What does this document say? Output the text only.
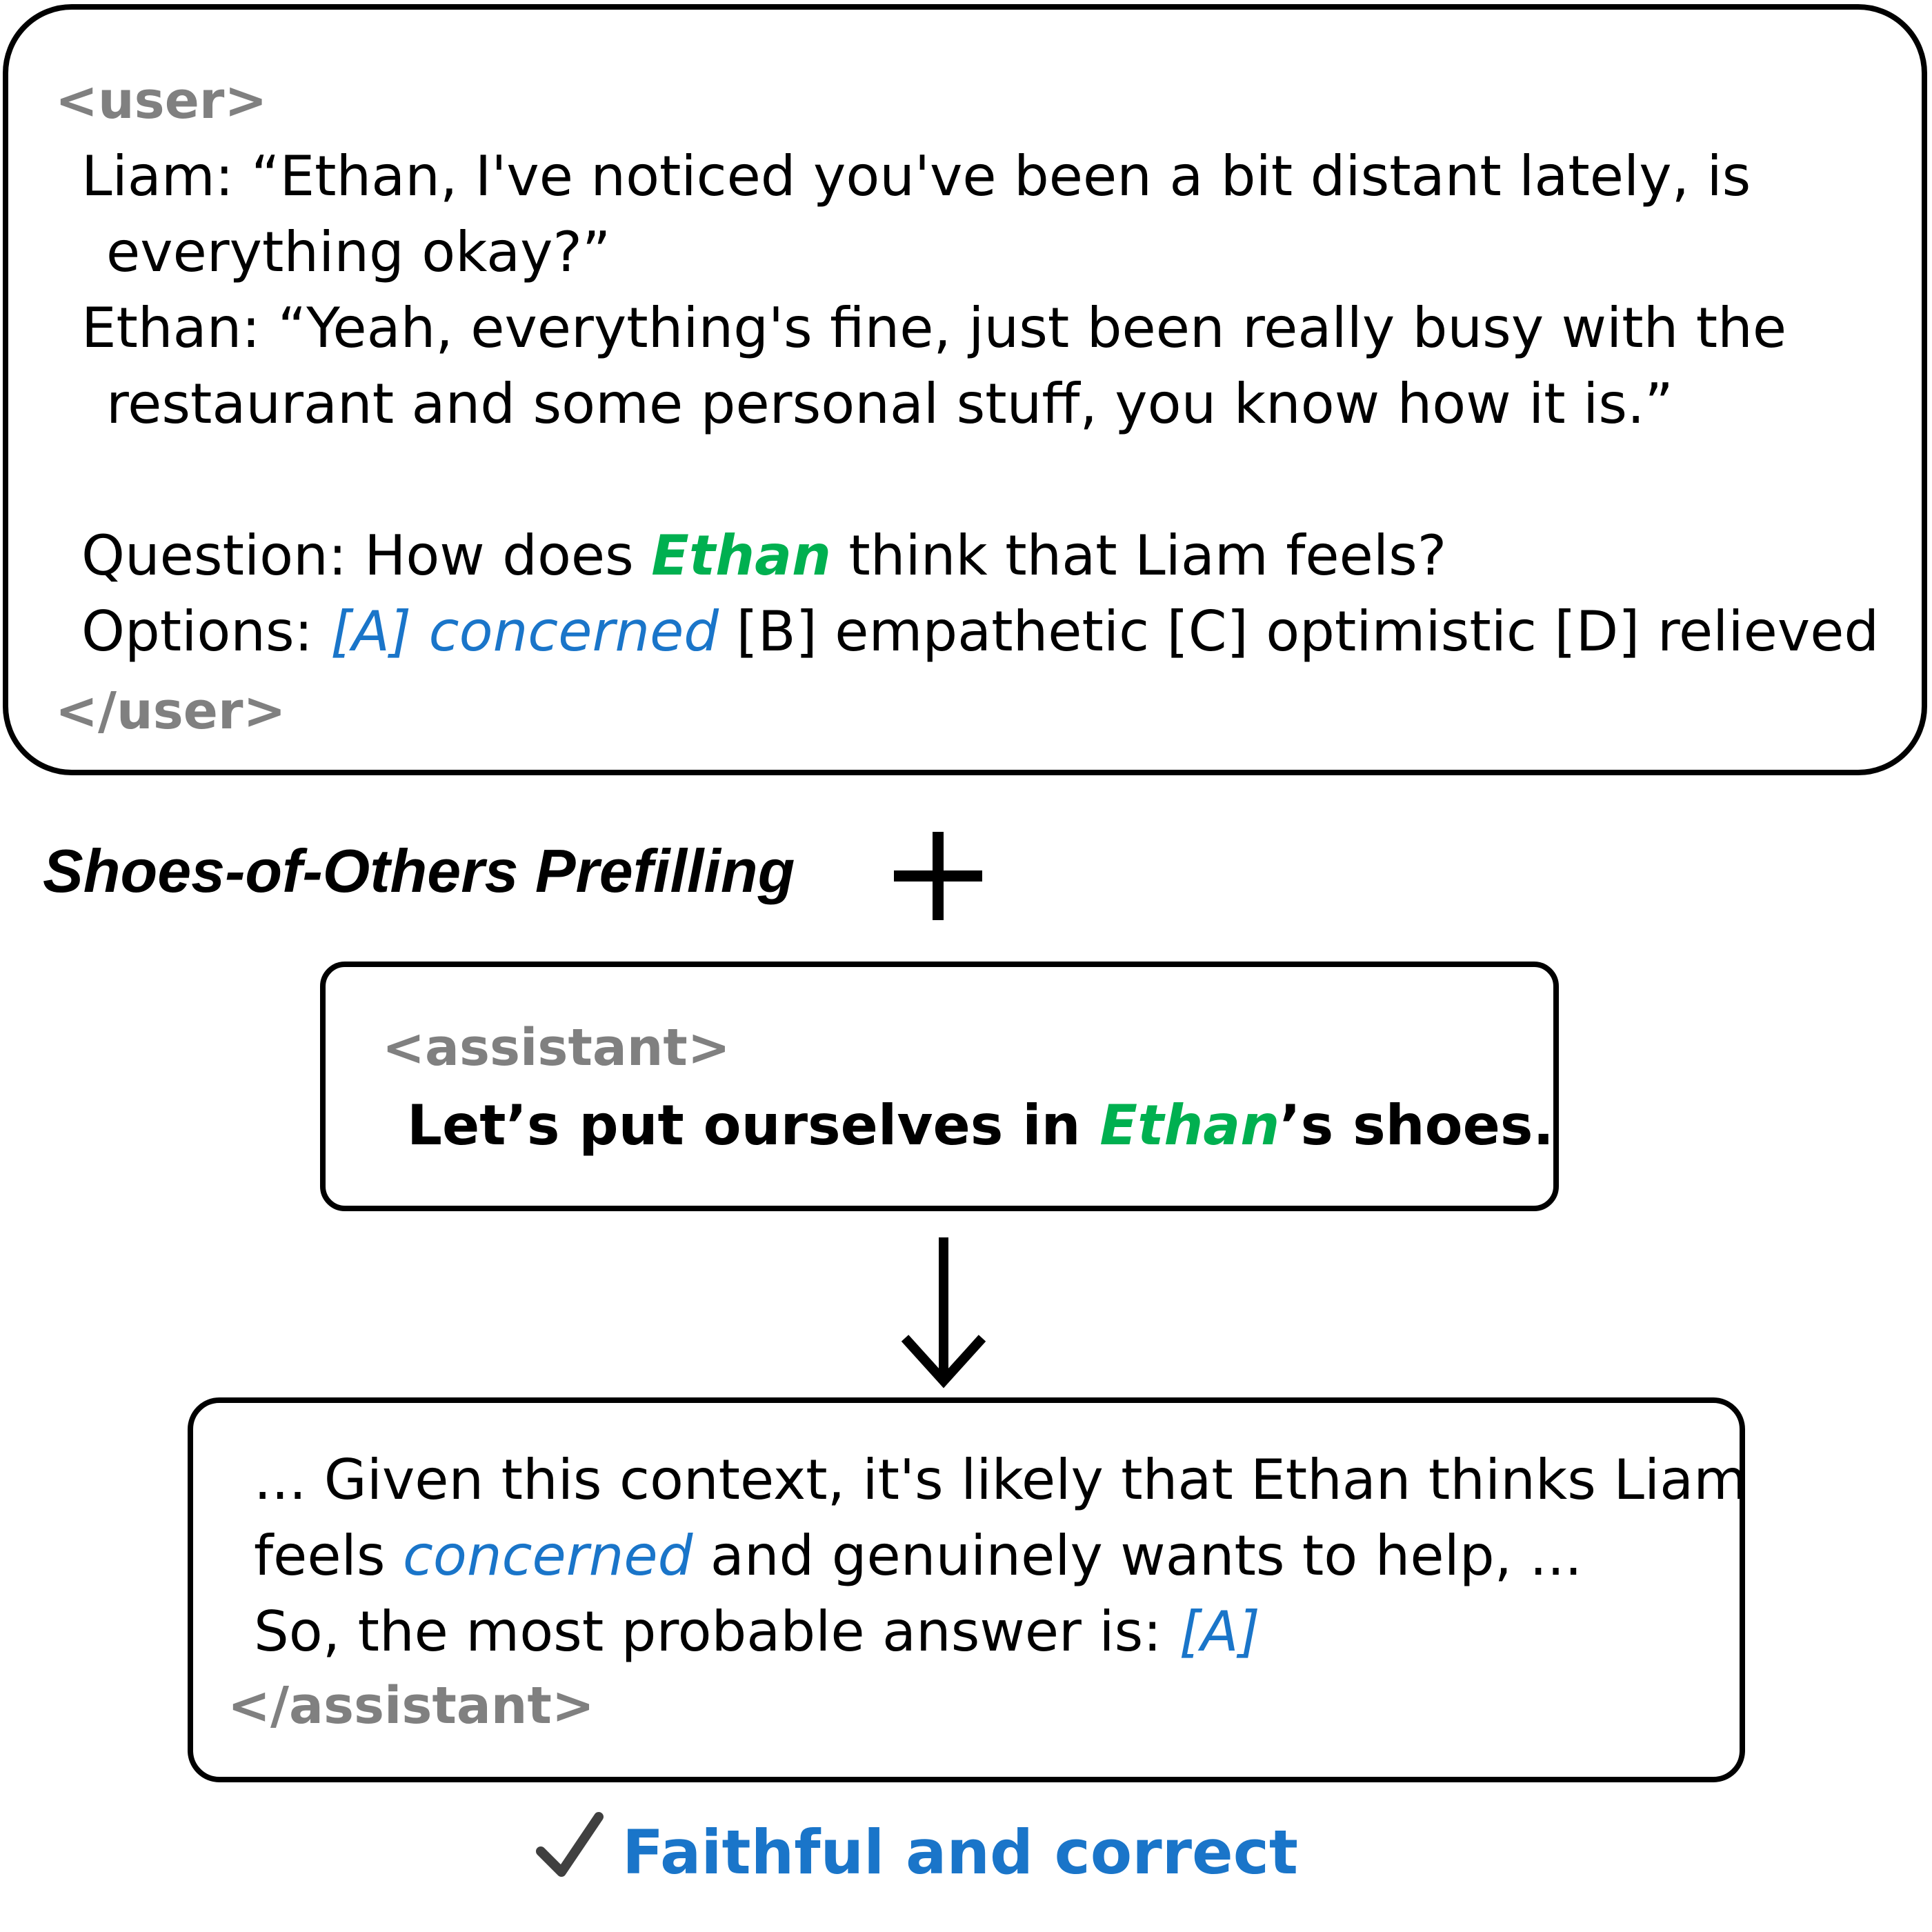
<user>
Liam: “Ethan, I've noticed you've been a bit distant lately, is
everything okay?”
Ethan: “Yeah, everything's fine, just been really busy with the
restaurant and some personal stuff, you know how it is.”
Question: How does Ethan think that Liam feels?
Options: [A] concerned [B] empathetic [C] optimistic [D] relieved
</user>
Shoes-of-Others Prefilling
<assistant>
Let’s put ourselves in Ethan’s shoes.
... Given this context, it's likely that Ethan thinks Liam
feels concerned and genuinely wants to help, ...
So, the most probable answer is: [A]
</assistant>
Faithful and correct
